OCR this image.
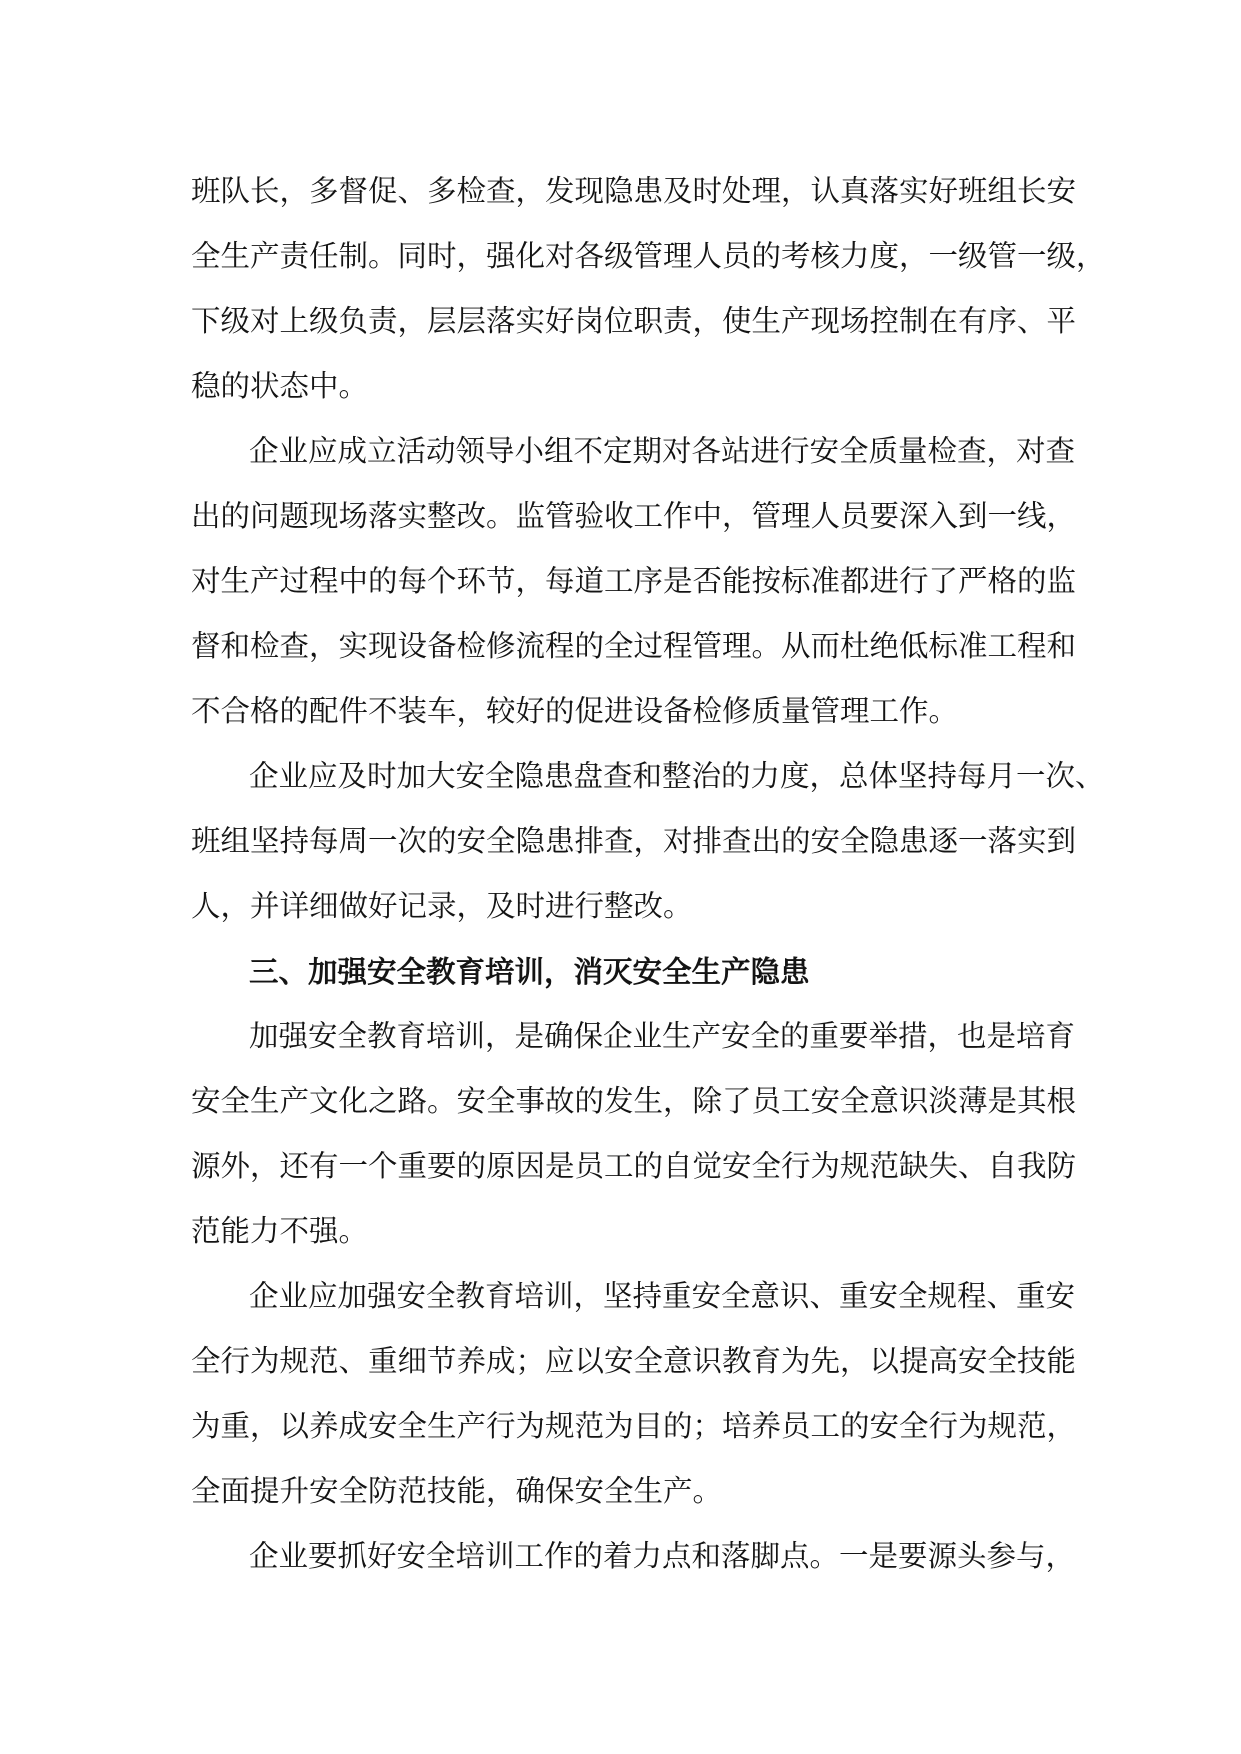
班队长，多督促、多检查，发现隐患及时处理，认真落实好班组长安
全生产责任制。同时，强化对各级管理人员的考核力度，一级管一级，
下级对上级负责，层层落实好岗位职责，使生产现场控制在有序、平
稳的状态中。
企业应成立活动领导小组不定期对各站进行安全质量检查，对查
出的问题现场落实整改。监管验收工作中，管理人员要深入到一线，
对生产过程中的每个环节，每道工序是否能按标准都进行了严格的监
督和检查，实现设备检修流程的全过程管理。从而杜绝低标准工程和
不合格的配件不装车，较好的促进设备检修质量管理工作。
企业应及时加大安全隐患盘查和整治的力度，总体坚持每月一次、
班组坚持每周一次的安全隐患排查，对排查出的安全隐患逐一落实到
人，并详细做好记录，及时进行整改。
三、加强安全教育培训，消灭安全生产隐患
加强安全教育培训，是确保企业生产安全的重要举措，也是培育
安全生产文化之路。安全事故的发生，除了员工安全意识淡薄是其根
源外，还有一个重要的原因是员工的自觉安全行为规范缺失、自我防
范能力不强。
企业应加强安全教育培训，坚持重安全意识、重安全规程、重安
全行为规范、重细节养成；应以安全意识教育为先，以提高安全技能
为重，以养成安全生产行为规范为目的；培养员工的安全行为规范，
全面提升安全防范技能，确保安全生产。
企业要抓好安全培训工作的着力点和落脚点。一是要源头参与，
